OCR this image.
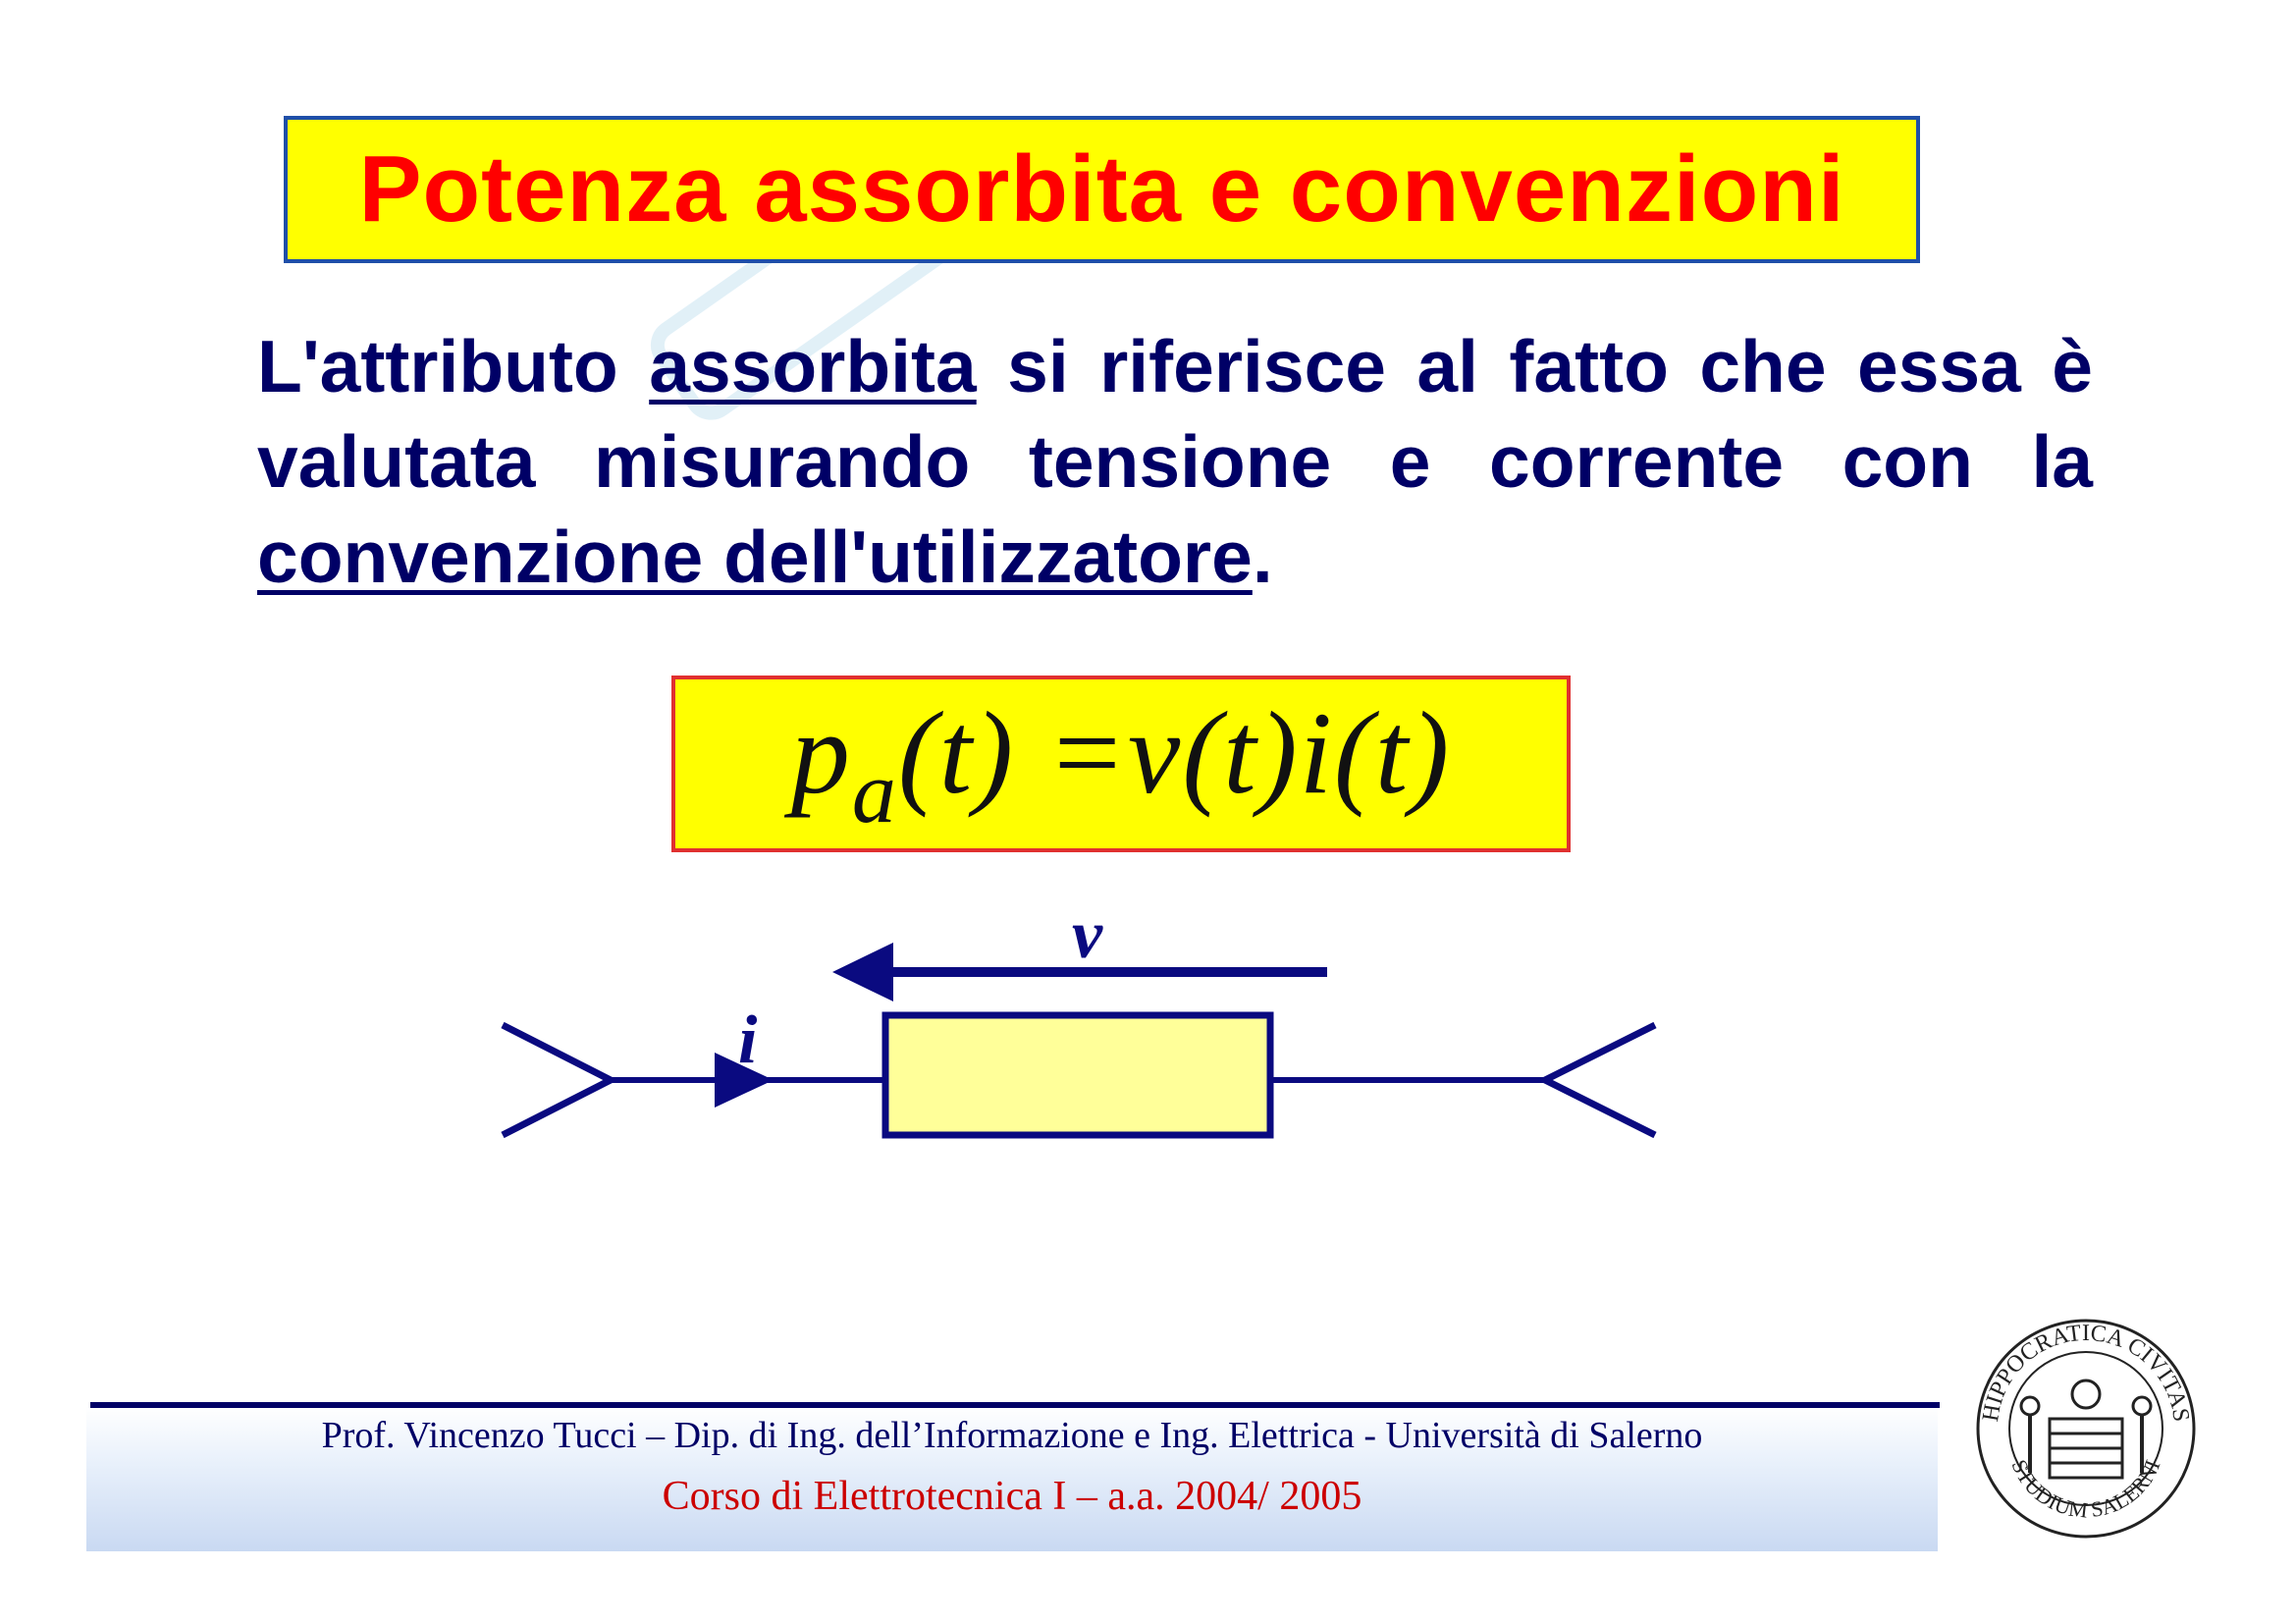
Potenza assorbita e convenzioni
L'attributo assorbita si riferisce al fatto che essa è valutata misurando tensione e corrente con la convenzione dell'utilizzatore.
$p_a(t) =v(t)i(t)$
v
i
Prof. Vincenzo Tucci – Dip. di Ing. dell’Informazione e Ing. Elettrica - Università di Salerno
Corso di Elettrotecnica I – a.a. 2004/ 2005
HIPPOCRATICA CIVITAS
STUDIUM SALERNI
